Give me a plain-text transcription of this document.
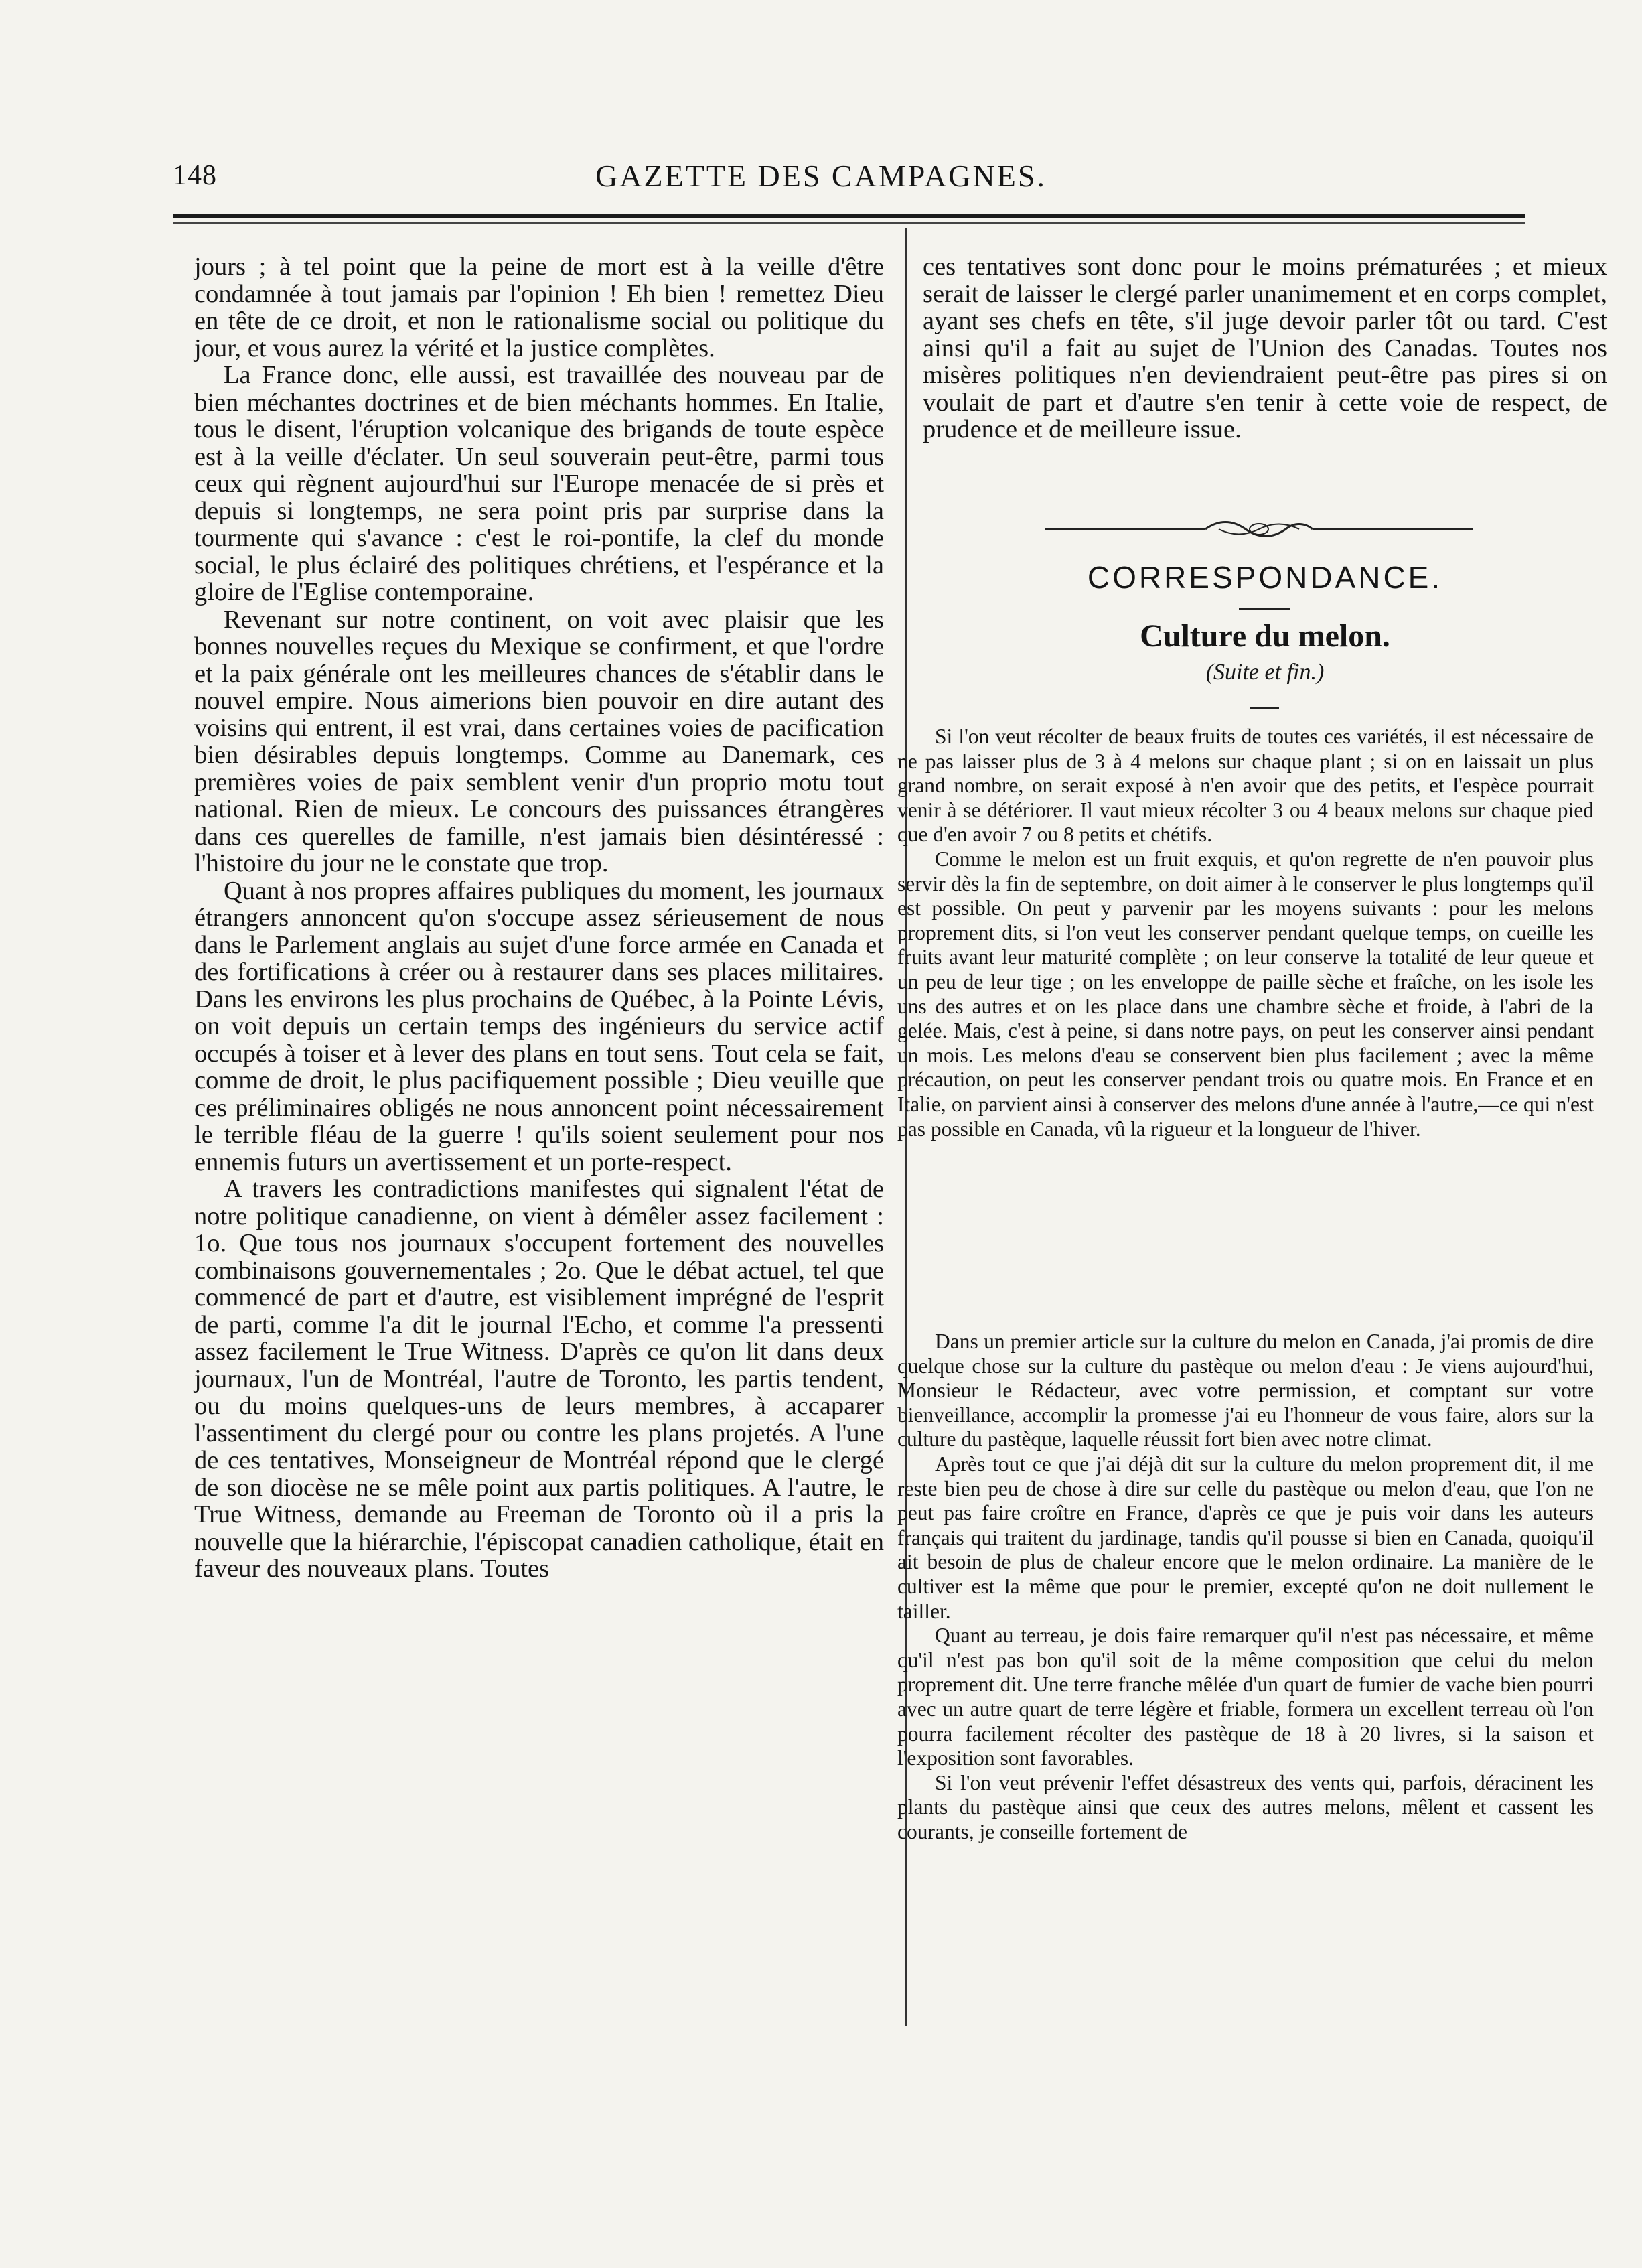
148	GAZETTE DES CAMPAGNES.

jours ; à tel point que la peine de mort est à la veille d'être condamnée à tout jamais par l'opinion ! Eh bien ! remettez Dieu en tête de ce droit, et non le rationalisme social ou politique du jour, et vous aurez la vérité et la justice complètes.

La France donc, elle aussi, est travaillée des nouveau par de bien méchantes doctrines et de bien méchants hommes. En Italie, tous le disent, l'éruption volcanique des brigands de toute espèce est à la veille d'éclater. Un seul souverain peut-être, parmi tous ceux qui règnent aujourd'hui sur l'Europe menacée de si près et depuis si longtemps, ne sera point pris par surprise dans la tourmente qui s'avance : c'est le roi-pontife, la clef du monde social, le plus éclairé des politiques chrétiens, et l'espérance et la gloire de l'Eglise contemporaine.

Revenant sur notre continent, on voit avec plaisir que les bonnes nouvelles reçues du Mexique se confirment, et que l'ordre et la paix générale ont les meilleures chances de s'établir dans le nouvel empire. Nous aimerions bien pouvoir en dire autant des voisins qui entrent, il est vrai, dans certaines voies de pacification bien désirables depuis longtemps. Comme au Danemark, ces premières voies de paix semblent venir d'un proprio motu tout national. Rien de mieux. Le concours des puissances étrangères dans ces querelles de famille, n'est jamais bien désintéressé : l'histoire du jour ne le constate que trop.

Quant à nos propres affaires publiques du moment, les journaux étrangers annoncent qu'on s'occupe assez sérieusement de nous dans le Parlement anglais au sujet d'une force armée en Canada et des fortifications à créer ou à restaurer dans ses places militaires. Dans les environs les plus prochains de Québec, à la Pointe Lévis, on voit depuis un certain temps des ingénieurs du service actif occupés à toiser et à lever des plans en tout sens. Tout cela se fait, comme de droit, le plus pacifiquement possible ; Dieu veuille que ces préliminaires obligés ne nous annoncent point nécessairement le terrible fléau de la guerre ! qu'ils soient seulement pour nos ennemis futurs un avertissement et un porte-respect.

A travers les contradictions manifestes qui signalent l'état de notre politique canadienne, on vient à démêler assez facilement : 1o. Que tous nos journaux s'occupent fortement des nouvelles combinaisons gouvernementales ; 2o. Que le débat actuel, tel que commencé de part et d'autre, est visiblement imprégné de l'esprit de parti, comme l'a dit le journal l'Echo, et comme l'a pressenti assez facilement le True Witness. D'après ce qu'on lit dans deux journaux, l'un de Montréal, l'autre de Toronto, les partis tendent, ou du moins quelques-uns de leurs membres, à accaparer l'assentiment du clergé pour ou contre les plans projetés. A l'une de ces tentatives, Monseigneur de Montréal répond que le clergé de son diocèse ne se mêle point aux partis politiques. A l'autre, le True Witness, demande au Freeman de Toronto où il a pris la nouvelle que la hiérarchie, l'épiscopat canadien catholique, était en faveur des nouveaux plans. Toutes

ces tentatives sont donc pour le moins prématurées ; et mieux serait de laisser le clergé parler unanimement et en corps complet, ayant ses chefs en tête, s'il juge devoir parler tôt ou tard. C'est ainsi qu'il a fait au sujet de l'Union des Canadas. Toutes nos misères politiques n'en deviendraient peut-être pas pires si on voulait de part et d'autre s'en tenir à cette voie de respect, de prudence et de meilleure issue.

CORRESPONDANCE.
Culture du melon.
(Suite et fin.)

Si l'on veut récolter de beaux fruits de toutes ces variétés, il est nécessaire de ne pas laisser plus de 3 à 4 melons sur chaque plant ; si on en laissait un plus grand nombre, on serait exposé à n'en avoir que des petits, et l'espèce pourrait venir à se détériorer. Il vaut mieux récolter 3 ou 4 beaux melons sur chaque pied que d'en avoir 7 ou 8 petits et chétifs.

Comme le melon est un fruit exquis, et qu'on regrette de n'en pouvoir plus servir dès la fin de septembre, on doit aimer à le conserver le plus longtemps qu'il est possible. On peut y parvenir par les moyens suivants : pour les melons proprement dits, si l'on veut les conserver pendant quelque temps, on cueille les fruits avant leur maturité complète ; on leur conserve la totalité de leur queue et un peu de leur tige ; on les enveloppe de paille sèche et fraîche, on les isole les uns des autres et on les place dans une chambre sèche et froide, à l'abri de la gelée. Mais, c'est à peine, si dans notre pays, on peut les conserver ainsi pendant un mois. Les melons d'eau se conservent bien plus facilement ; avec la même précaution, on peut les conserver pendant trois ou quatre mois. En France et en Italie, on parvient ainsi à conserver des melons d'une année à l'autre,—ce qui n'est pas possible en Canada, vû la rigueur et la longueur de l'hiver.

Dans un premier article sur la culture du melon en Canada, j'ai promis de dire quelque chose sur la culture du pastèque ou melon d'eau : Je viens aujourd'hui, Monsieur le Rédacteur, avec votre permission, et comptant sur votre bienveillance, accomplir la promesse j'ai eu l'honneur de vous faire, alors sur la culture du pastèque, laquelle réussit fort bien avec notre climat.

Après tout ce que j'ai déjà dit sur la culture du melon proprement dit, il me reste bien peu de chose à dire sur celle du pastèque ou melon d'eau, que l'on ne peut pas faire croître en France, d'après ce que je puis voir dans les auteurs français qui traitent du jardinage, tandis qu'il pousse si bien en Canada, quoiqu'il ait besoin de plus de chaleur encore que le melon ordinaire. La manière de le cultiver est la même que pour le premier, excepté qu'on ne doit nullement le tailler.

Quant au terreau, je dois faire remarquer qu'il n'est pas nécessaire, et même qu'il n'est pas bon qu'il soit de la même composition que celui du melon proprement dit. Une terre franche mêlée d'un quart de fumier de vache bien pourri avec un autre quart de terre légère et friable, formera un excellent terreau où l'on pourra facilement récolter des pastèque de 18 à 20 livres, si la saison et l'exposition sont favorables.

Si l'on veut prévenir l'effet désastreux des vents qui, parfois, déracinent les plants du pastèque ainsi que ceux des autres melons, mêlent et cassent les courants, je conseille fortement de
